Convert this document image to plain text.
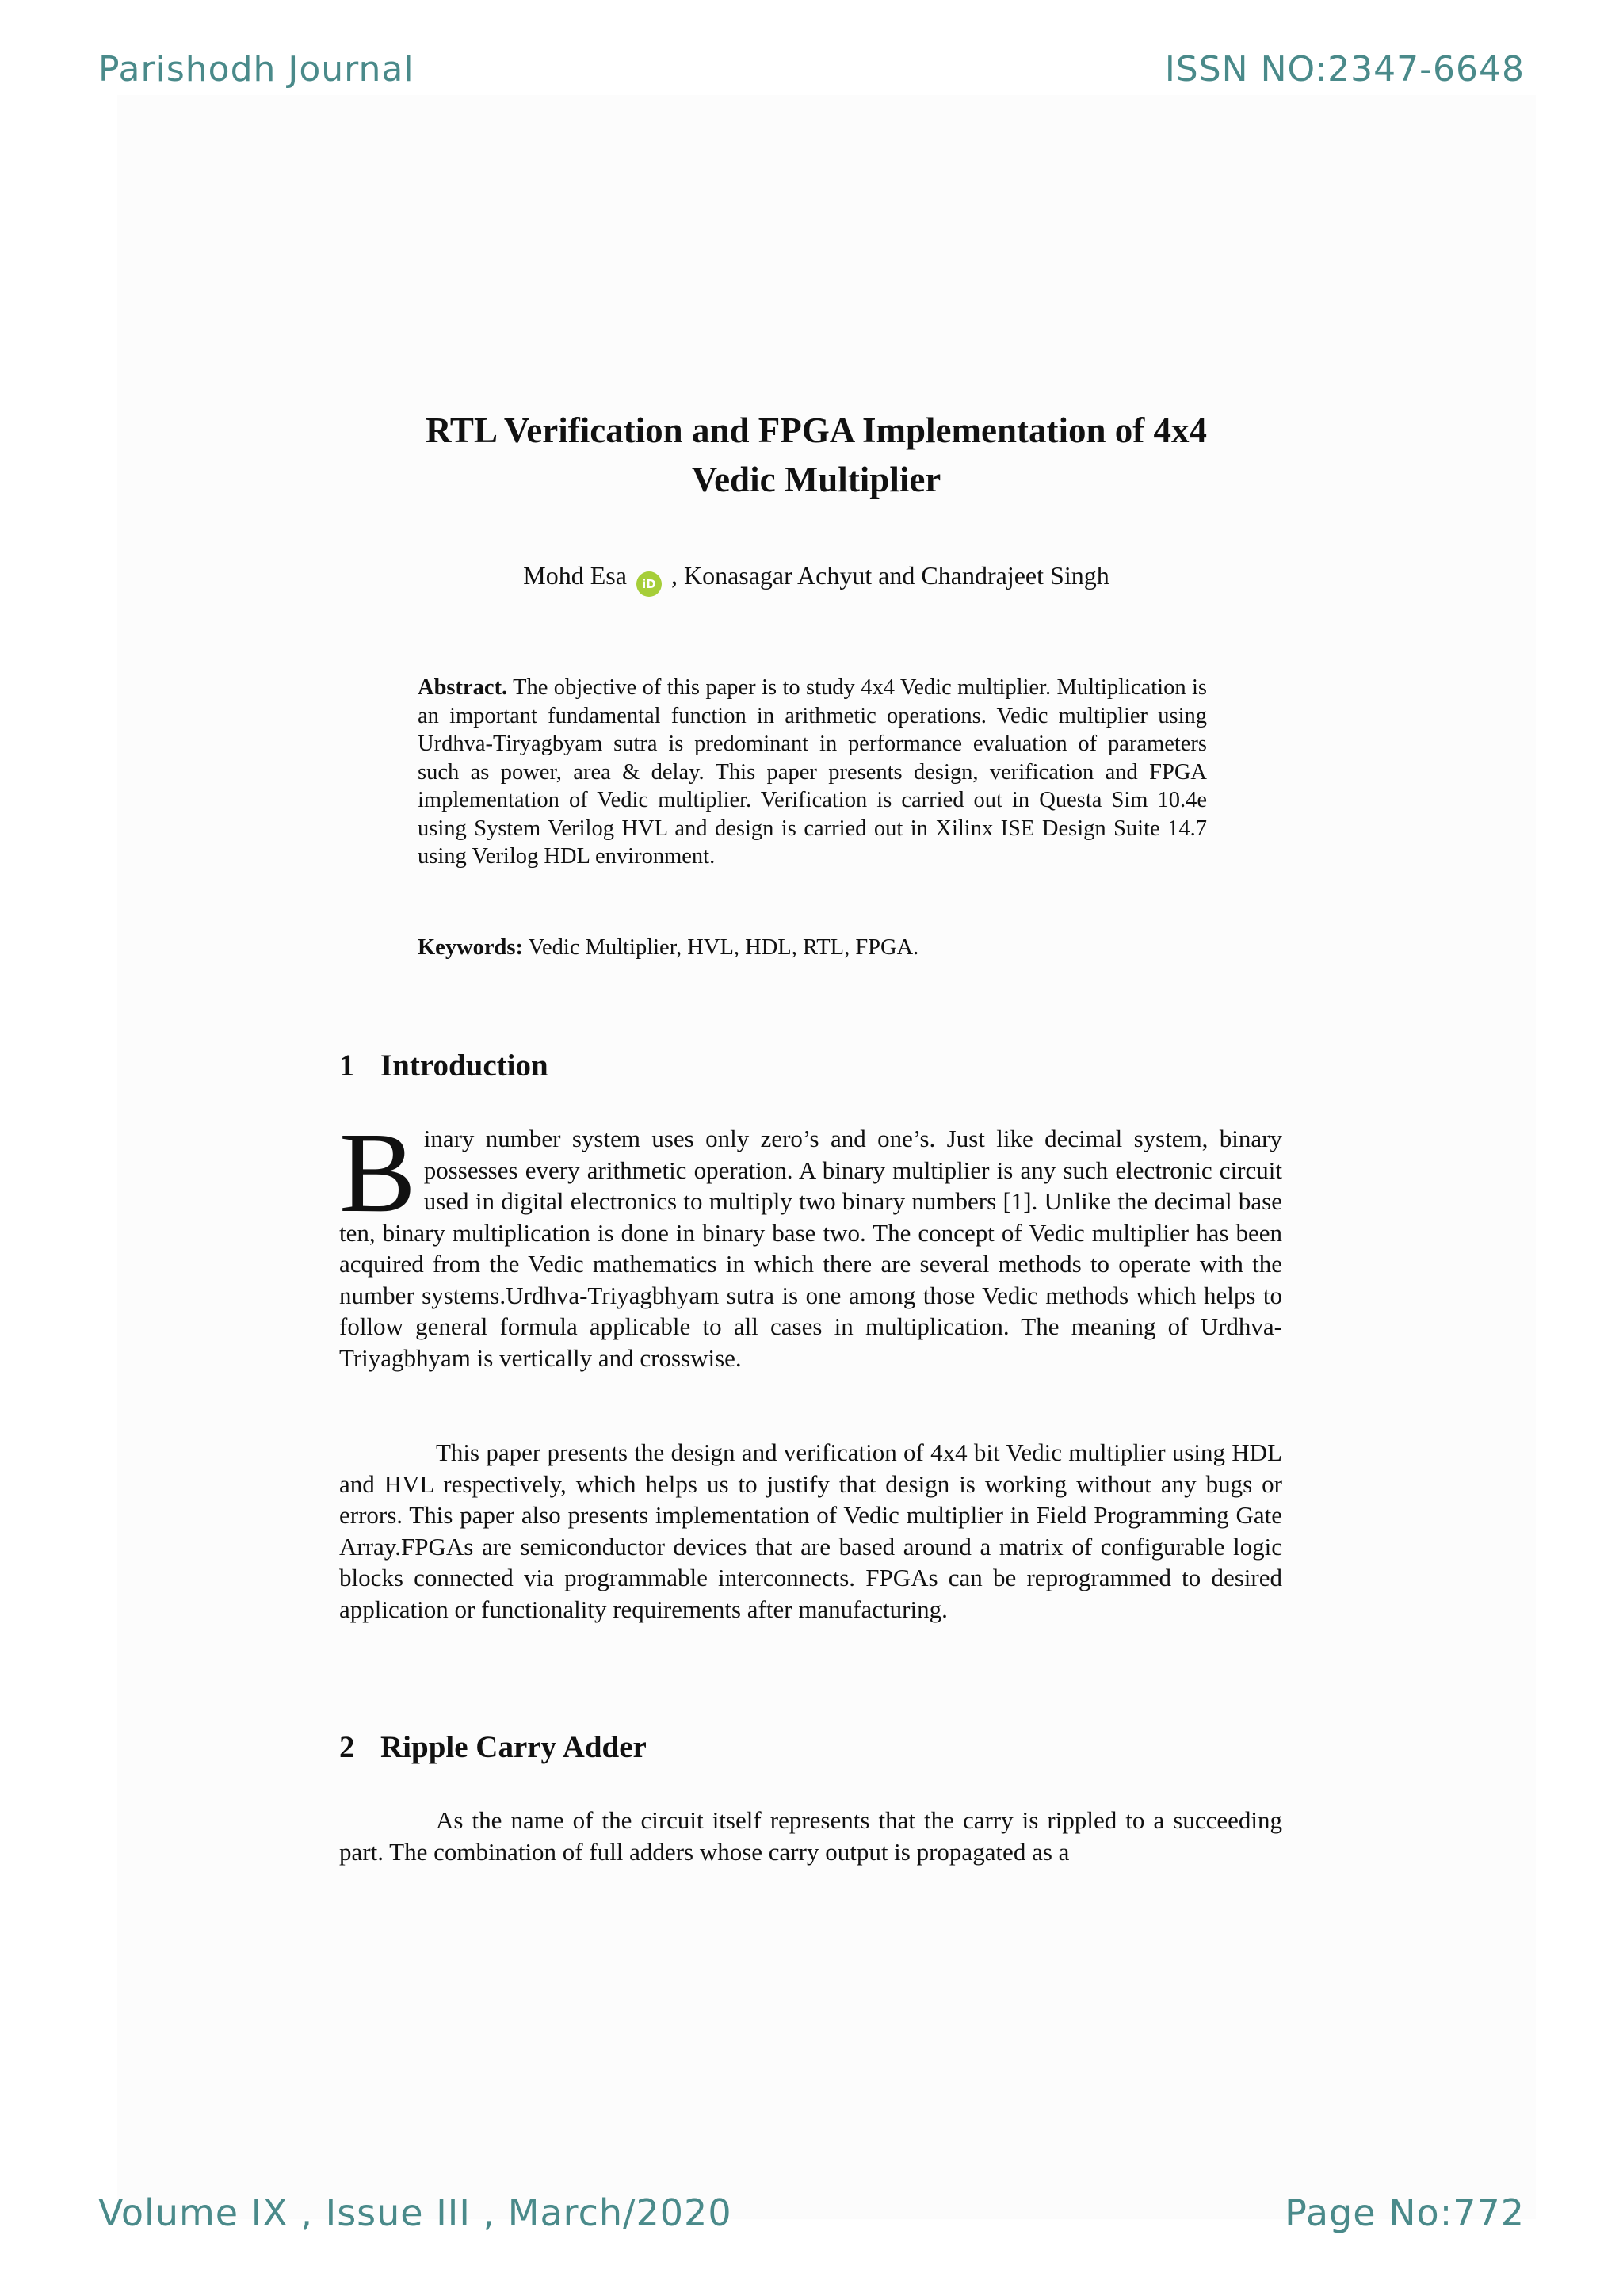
Parishodh Journal	ISSN NO:2347-6648
RTL Verification and FPGA Implementation of 4x4
Vedic Multiplier
Mohd Esa iD , Konasagar Achyut and Chandrajeet Singh
Abstract. The objective of this paper is to study 4x4 Vedic multiplier. Multiplication is an important fundamental function in arithmetic operations. Vedic multiplier using Urdhva-Tiryagbyam sutra is predominant in performance evaluation of parameters such as power, area & delay. This paper presents design, verification and FPGA implementation of Vedic multiplier. Verification is carried out in Questa Sim 10.4e using System Verilog HVL and design is carried out in Xilinx ISE Design Suite 14.7 using Verilog HDL environment.
Keywords: Vedic Multiplier, HVL, HDL, RTL, FPGA.
1 Introduction
Binary number system uses only zero’s and one’s. Just like decimal system, binary possesses every arithmetic operation. A binary multiplier is any such electronic circuit used in digital electronics to multiply two binary numbers [1]. Unlike the decimal base ten, binary multiplication is done in binary base two. The concept of Vedic multiplier has been acquired from the Vedic mathematics in which there are several methods to operate with the number systems.Urdhva-Triyagbhyam sutra is one among those Vedic methods which helps to follow general formula applicable to all cases in multiplication. The meaning of Urdhva-Triyagbhyam is vertically and crosswise.
This paper presents the design and verification of 4x4 bit Vedic multiplier using HDL and HVL respectively, which helps us to justify that design is working without any bugs or errors. This paper also presents implementation of Vedic multiplier in Field Programming Gate Array.FPGAs are semiconductor devices that are based around a matrix of configurable logic blocks connected via programmable interconnects. FPGAs can be reprogrammed to desired application or functionality requirements after manufacturing.
2 Ripple Carry Adder
As the name of the circuit itself represents that the carry is rippled to a succeeding part. The combination of full adders whose carry output is propagated as a
Volume IX , Issue III , March/2020	Page No:772
